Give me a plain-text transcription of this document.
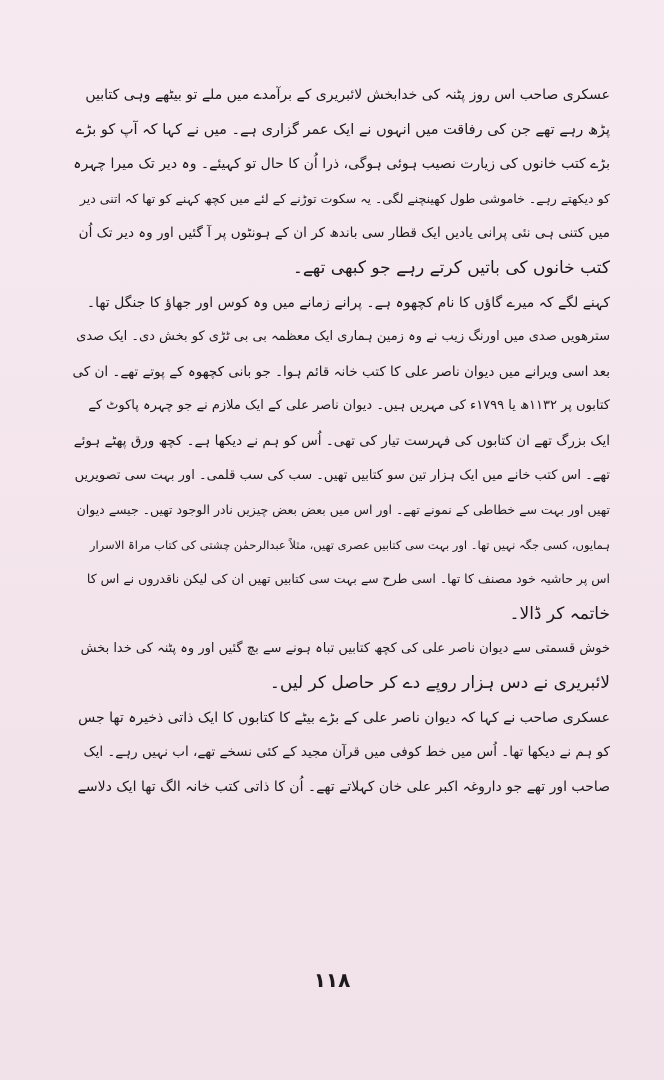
عسکری صاحب اس روز پٹنہ کی خدابخش لائبریری کے برآمدے میں ملے تو بیٹھے وہی کتابیں
پڑھ رہے تھے جن کی رفاقت میں انہوں نے ایک عمر گزاری ہے۔ میں نے کہا کہ آپ کو بڑے
بڑے کتب خانوں کی زیارت نصیب ہوئی ہوگی، ذرا اُن کا حال تو کہیئے۔ وہ دیر تک میرا چہرہ
کو دیکھتے رہے۔ خاموشی طول کھینچنے لگی۔ یہ سکوت توڑنے کے لئے میں کچھ کہنے کو تھا کہ اتنی دیر
میں کتنی ہی نئی پرانی یادیں ایک قطار سی باندھ کر ان کے ہونٹوں پر آ گئیں اور وہ دیر تک اُن
کتب خانوں کی باتیں کرتے رہے جو کبھی تھے۔
کہنے لگے کہ میرے گاؤں کا نام کچھوہ ہے۔ پرانے زمانے میں وہ کوس اور جھاؤ کا جنگل تھا۔
سترھویں صدی میں اورنگ زیب نے وہ زمین ہماری ایک معظمہ بی بی ٹڑی کو بخش دی۔ ایک صدی
بعد اسی ویرانے میں دیوان ناصر علی کا کتب خانہ قائم ہوا۔ جو بانی کچھوہ کے پوتے تھے۔ ان کی
کتابوں پر ۱۱۳۲ھ یا ۱۷۹۹ء کی مہریں ہیں۔ دیوان ناصر علی کے ایک ملازم نے جو چہرہ پاکوٹ کے
ایک بزرگ تھے ان کتابوں کی فہرست تیار کی تھی۔ اُس کو ہم نے دیکھا ہے۔ کچھ ورق پھٹے ہوئے
تھے۔ اس کتب خانے میں ایک ہزار تین سو کتابیں تھیں۔ سب کی سب قلمی۔ اور بہت سی تصویریں
تھیں اور بہت سے خطاطی کے نمونے تھے۔ اور اس میں بعض بعض چیزیں نادر الوجود تھیں۔ جیسے دیوان
ہمایوں، کسی جگہ نہیں تھا۔ اور بہت سی کتابیں عصری تھیں، مثلاً عبدالرحمٰن چشتی کی کتاب مراۃ الاسرار
اس پر حاشیہ خود مصنف کا تھا۔ اسی طرح سے بہت سی کتابیں تھیں ان کی لیکن ناقدروں نے اس کا
خاتمہ کر ڈالا۔
خوش قسمتی سے دیوان ناصر علی کی کچھ کتابیں تباہ ہونے سے بچ گئیں اور وہ پٹنہ کی خدا بخش
لائبریری نے دس ہزار روپے دے کر حاصل کر لیں۔
عسکری صاحب نے کہا کہ دیوان ناصر علی کے بڑے بیٹے کا کتابوں کا ایک ذاتی ذخیرہ تھا جس
کو ہم نے دیکھا تھا۔ اُس میں خط کوفی میں قرآن مجید کے کئی نسخے تھے، اب نہیں رہے۔ ایک
صاحب اور تھے جو داروغہ اکبر علی خان کہلاتے تھے۔ اُن کا ذاتی کتب خانہ الگ تھا ایک دلاسے
۱۱۸
